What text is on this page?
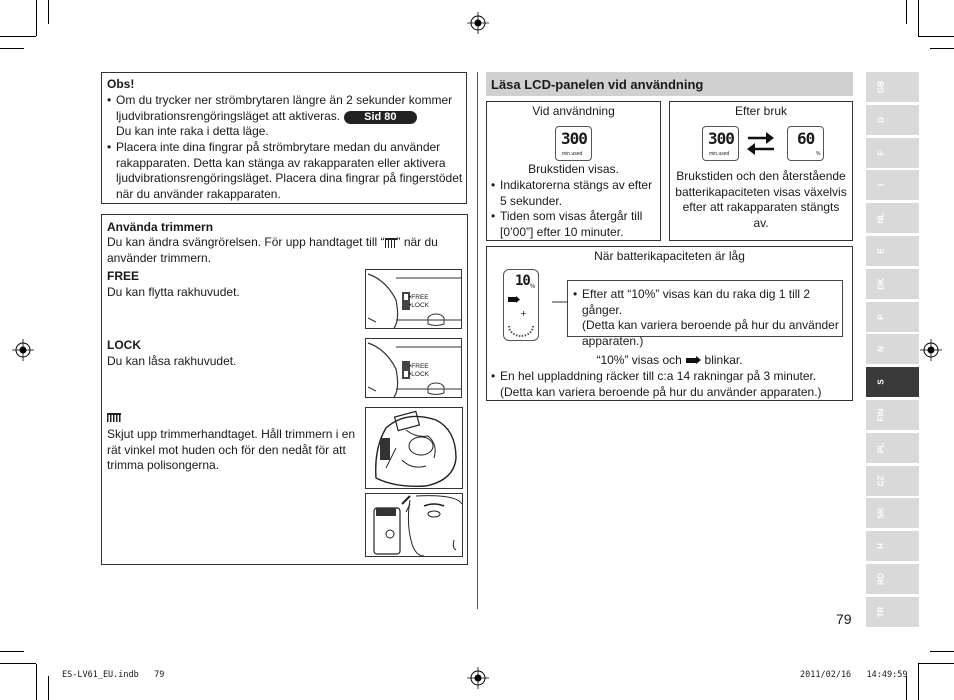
Obs!
• Om du trycker ner strömbrytaren längre än 2 sekunder kommer
ljudvibrationsrengöringsläget att aktiveras. Sid 80
Du kan inte raka i detta läge.
• Placera inte dina fingrar på strömbrytare medan du använder
rakapparaten. Detta kan stänga av rakapparaten eller aktivera
ljudvibrationsrengöringsläget. Placera dina fingrar på fingerstödet
när du använder rakapparaten.
Använda trimmern
Du kan ändra svängrörelsen. För upp handtaget till “ ” när du
använder trimmern.
FREE
Du kan flytta rakhuvudet.
LOCK
Du kan låsa rakhuvudet.
Skjut upp trimmerhandtaget. Håll trimmern i en
rät vinkel mot huden och för den nedåt för att
trimma polisongerna.
•FREE
•LOCK
•FREE
•LOCK
Läsa LCD-panelen vid användning
Vid användning
300
min.used
Brukstiden visas.
• Indikatorerna stängs av efter
5 sekunder.
• Tiden som visas återgår till
[0’00”] efter 10 minuter.
Efter bruk
300
min.used
60
%
Brukstiden och den återstående
batterikapaciteten visas växelvis
efter att rakapparaten stängts
av.
När batterikapaciteten är låg
10 %
+
• Efter att “10%” visas kan du raka dig 1 till 2 gånger.
(Detta kan variera beroende på hur du använder
apparaten.)
“10%” visas och blinkar.
• En hel uppladdning räcker till c:a 14 rakningar på 3 minuter.
(Detta kan variera beroende på hur du använder apparaten.)
GB
D
F
I
NL
E
DK
P
N
S
FIN
PL
CZ
SK
H
RO
TR
79
ES-LV61_EU.indb   79	2011/02/16   14:49:59
